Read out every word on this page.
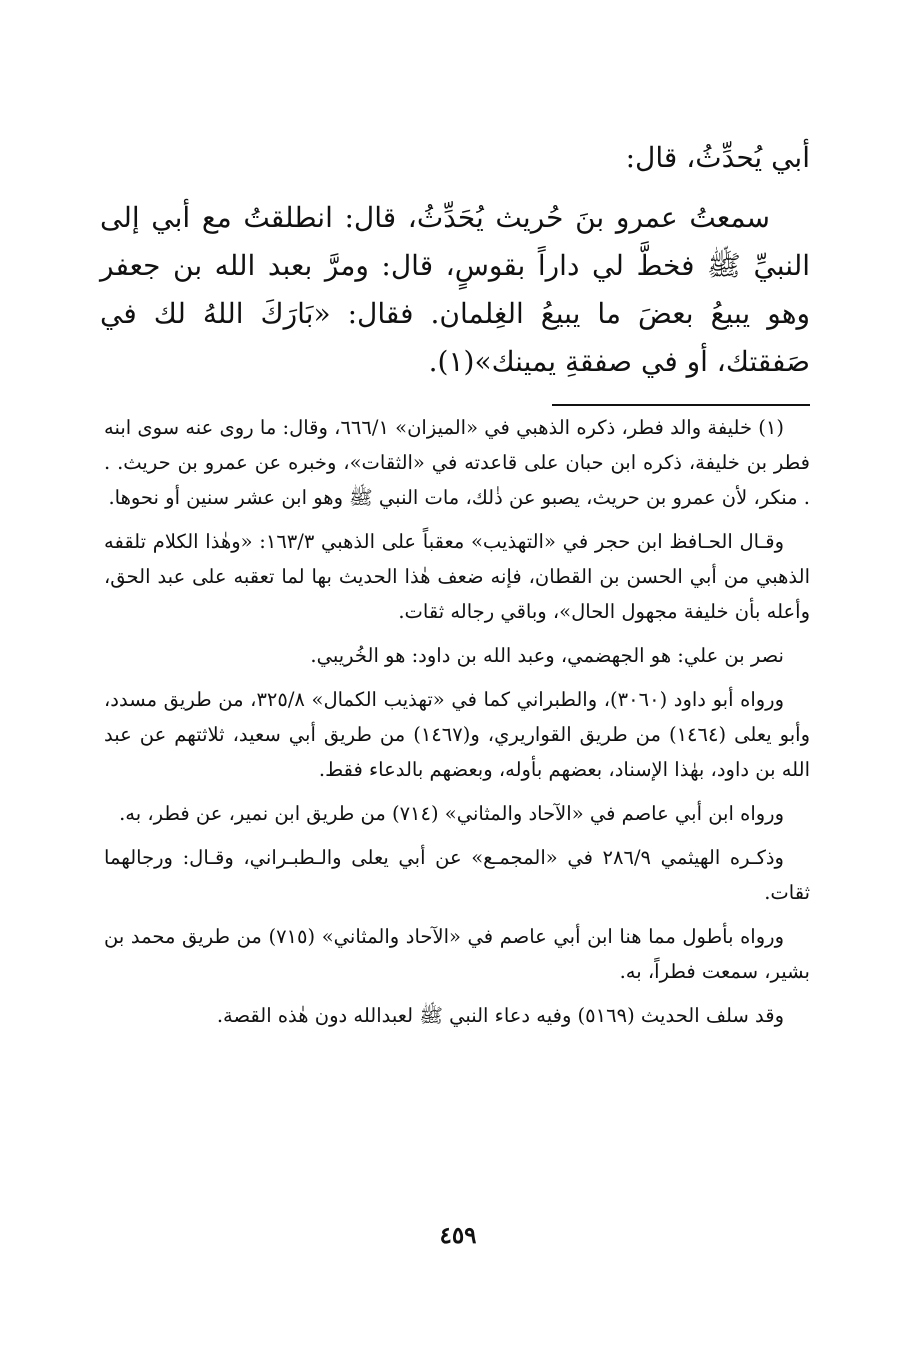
أبي يُحدِّثُ، قال:

سمعتُ عمرو بنَ حُريث يُحَدِّثُ، قال: انطلقتُ مع أبي إلى النبيِّ ﷺ فخطَّ لي داراً بقوسٍ، قال: ومرَّ بعبد الله بن جعفر وهو يبيعُ بعضَ ما يبيعُ الغِلمان. فقال: «بَارَكَ اللهُ لك في صَفقتك، أو في صفقةِ يمينك»(١).

(١) خليفة والد فطر، ذكره الذهبي في «الميزان» ٦٦٦/١، وقال: ما روى عنه سوى ابنه فطر بن خليفة، ذكره ابن حبان على قاعدته في «الثقات»، وخبره عن عمرو بن حريث. . . منكر، لأن عمرو بن حريث، يصبو عن ذٰلك، مات النبي ﷺ وهو ابن عشر سنين أو نحوها.

وقـال الحـافظ ابن حجر في «التهذيب» معقباً على الذهبي ١٦٣/٣: «وهٰذا الكلام تلقفه الذهبي من أبي الحسن بن القطان، فإنه ضعف هٰذا الحديث بها لما تعقبه على عبد الحق، وأعله بأن خليفة مجهول الحال»، وباقي رجاله ثقات.

نصر بن علي: هو الجهضمي، وعبد الله بن داود: هو الخُريبي.

ورواه أبو داود (٣٠٦٠)، والطبراني كما في «تهذيب الكمال» ٣٢٥/٨، من طريق مسدد، وأبو يعلى (١٤٦٤) من طريق القواريري، و(١٤٦٧) من طريق أبي سعيد، ثلاثتهم عن عبد الله بن داود، بهٰذا الإسناد، بعضهم بأوله، وبعضهم بالدعاء فقط.

ورواه ابن أبي عاصم في «الآحاد والمثاني» (٧١٤) من طريق ابن نمير، عن فطر، به.

وذكـره الهيثمي ٢٨٦/٩ في «المجمـع» عن أبي يعلى والـطبـراني، وقـال: ورجالهما ثقات.

ورواه بأطول مما هنا ابن أبي عاصم في «الآحاد والمثاني» (٧١٥) من طريق محمد بن بشير، سمعت فطراً، به.

وقد سلف الحديث (٥١٦٩) وفيه دعاء النبي ﷺ لعبدالله دون هٰذه القصة.

٤٥٩
